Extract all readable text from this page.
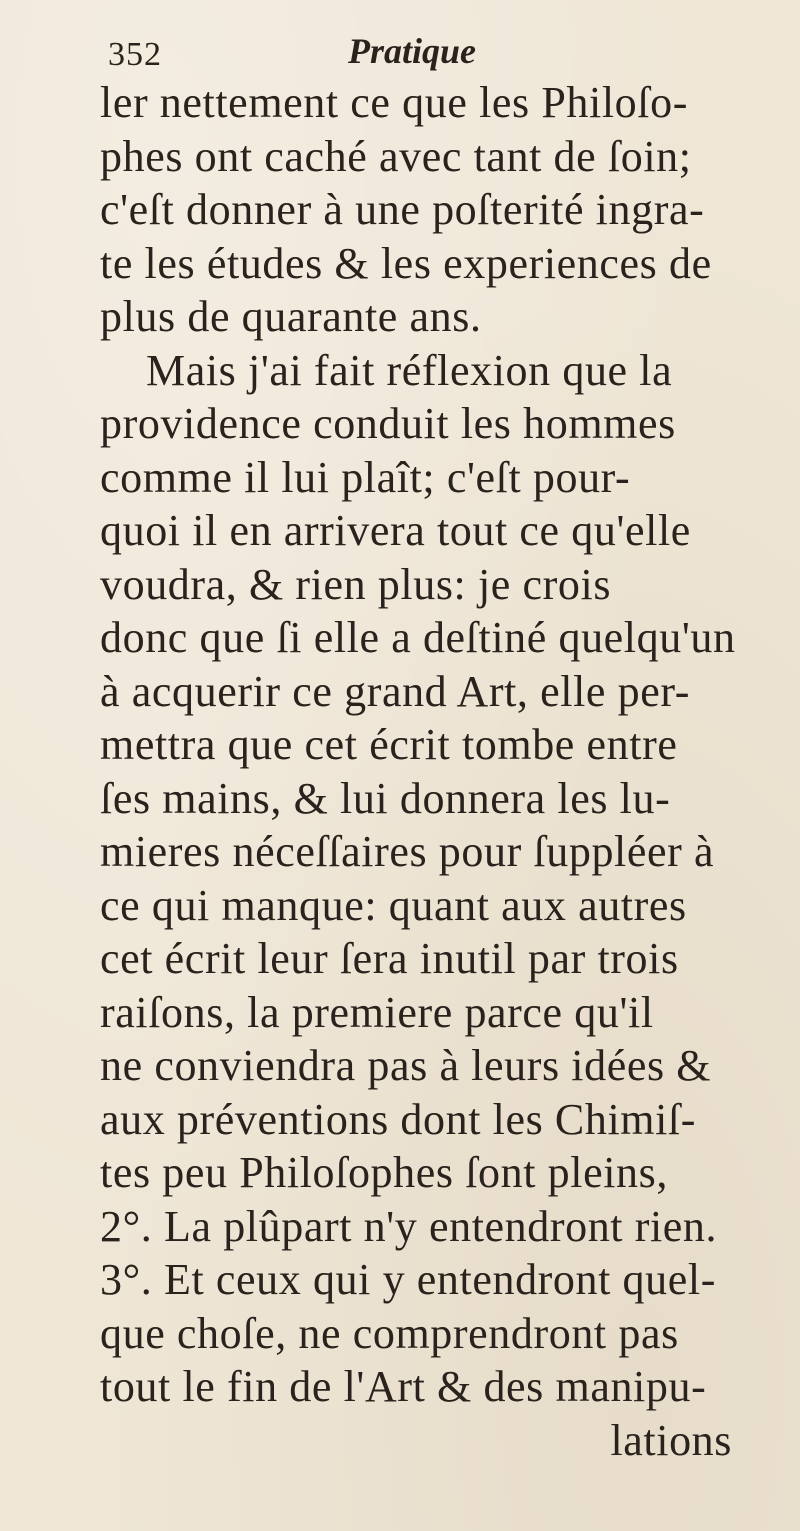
352	Pratique
ler nettement ce que les Philoſo-
phes ont caché avec tant de ſoin;
c'eſt donner à une poſterité ingra-
te les études & les experiences de
plus de quarante ans.
Mais j'ai fait réflexion que la
providence conduit les hommes
comme il lui plaît; c'eſt pour-
quoi il en arrivera tout ce qu'elle
voudra, & rien plus: je crois
donc que ſi elle a deſtiné quelqu'un
à acquerir ce grand Art, elle per-
mettra que cet écrit tombe entre
ſes mains, & lui donnera les lu-
mieres néceſſaires pour ſuppléer à
ce qui manque: quant aux autres
cet écrit leur ſera inutil par trois
raiſons, la premiere parce qu'il
ne conviendra pas à leurs idées &
aux préventions dont les Chimiſ-
tes peu Philoſophes ſont pleins,
2°. La plûpart n'y entendront rien.
3°. Et ceux qui y entendront quel-
que choſe, ne comprendront pas
tout le fin de l'Art & des manipu-
lations
